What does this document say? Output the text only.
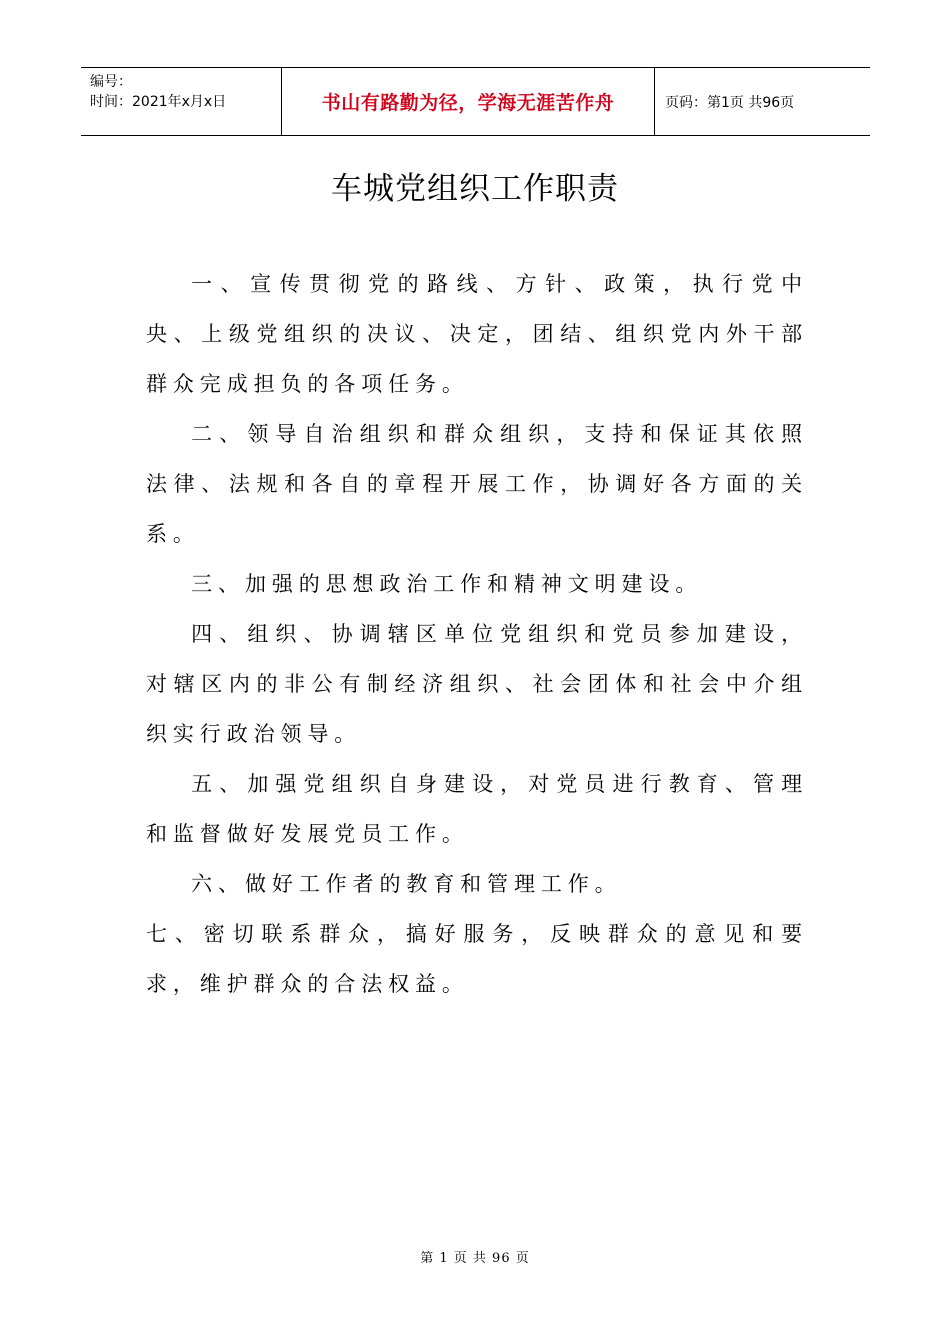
编号：
时间：2021年x月x日	书山有路勤为径，学海无涯苦作舟	页码：第1页 共96页
车城党组织工作职责

一、宣传贯彻党的路线、方针、政策，执行党中央、上级党组织的决议、决定，团结、组织党内外干部群众完成担负的各项任务。

二、领导自治组织和群众组织，支持和保证其依照法律、法规和各自的章程开展工作，协调好各方面的关系。

三、加强的思想政治工作和精神文明建设。

四、组织、协调辖区单位党组织和党员参加建设，对辖区内的非公有制经济组织、社会团体和社会中介组织实行政治领导。

五、加强党组织自身建设，对党员进行教育、管理和监督做好发展党员工作。

六、做好工作者的教育和管理工作。

七、密切联系群众，搞好服务，反映群众的意见和要求，维护群众的合法权益。

第 1 页 共 96 页
